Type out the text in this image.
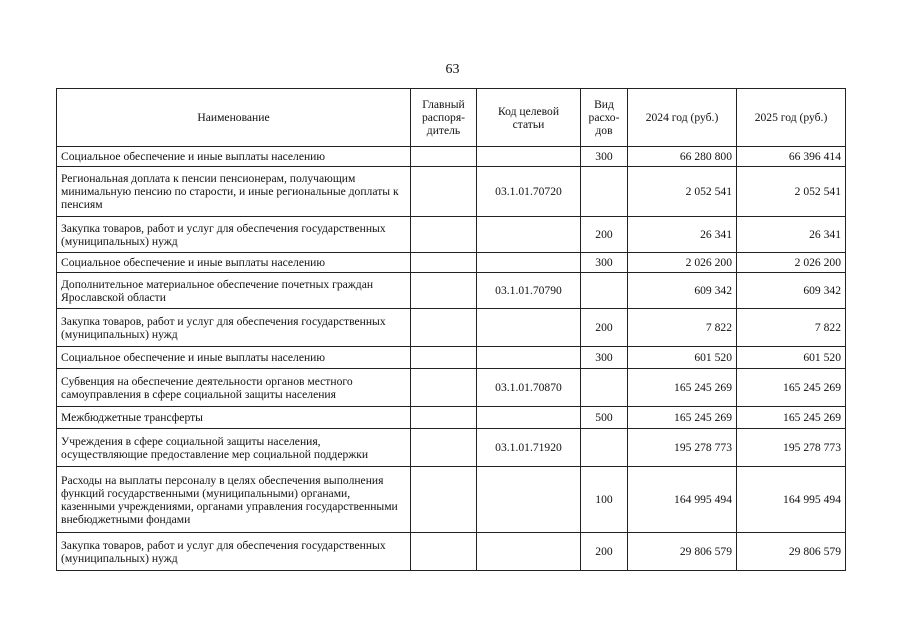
63
Наименование	Главный распоря-дитель	Код целевой статьи	Вид расхо-дов	2024 год (руб.)	2025 год (руб.)
Социальное обеспечение и иные выплаты населению			300	66 280 800	66 396 414
Региональная доплата к пенсии пенсионерам, получающим минимальную пенсию по старости, и иные региональные доплаты к пенсиям		03.1.01.70720		2 052 541	2 052 541
Закупка товаров, работ и услуг для обеспечения государственных (муниципальных) нужд			200	26 341	26 341
Социальное обеспечение и иные выплаты населению			300	2 026 200	2 026 200
Дополнительное материальное обеспечение почетных граждан Ярославской области		03.1.01.70790		609 342	609 342
Закупка товаров, работ и услуг для обеспечения государственных (муниципальных) нужд			200	7 822	7 822
Социальное обеспечение и иные выплаты населению			300	601 520	601 520
Субвенция на обеспечение деятельности органов местного самоуправления в сфере социальной защиты населения		03.1.01.70870		165 245 269	165 245 269
Межбюджетные трансферты			500	165 245 269	165 245 269
Учреждения в сфере социальной защиты населения, осуществляющие предоставление мер социальной поддержки		03.1.01.71920		195 278 773	195 278 773
Расходы на выплаты персоналу в целях обеспечения выполнения функций государственными (муниципальными) органами, казенными учреждениями, органами управления государственными внебюджетными фондами			100	164 995 494	164 995 494
Закупка товаров, работ и услуг для обеспечения государственных (муниципальных) нужд			200	29 806 579	29 806 579
